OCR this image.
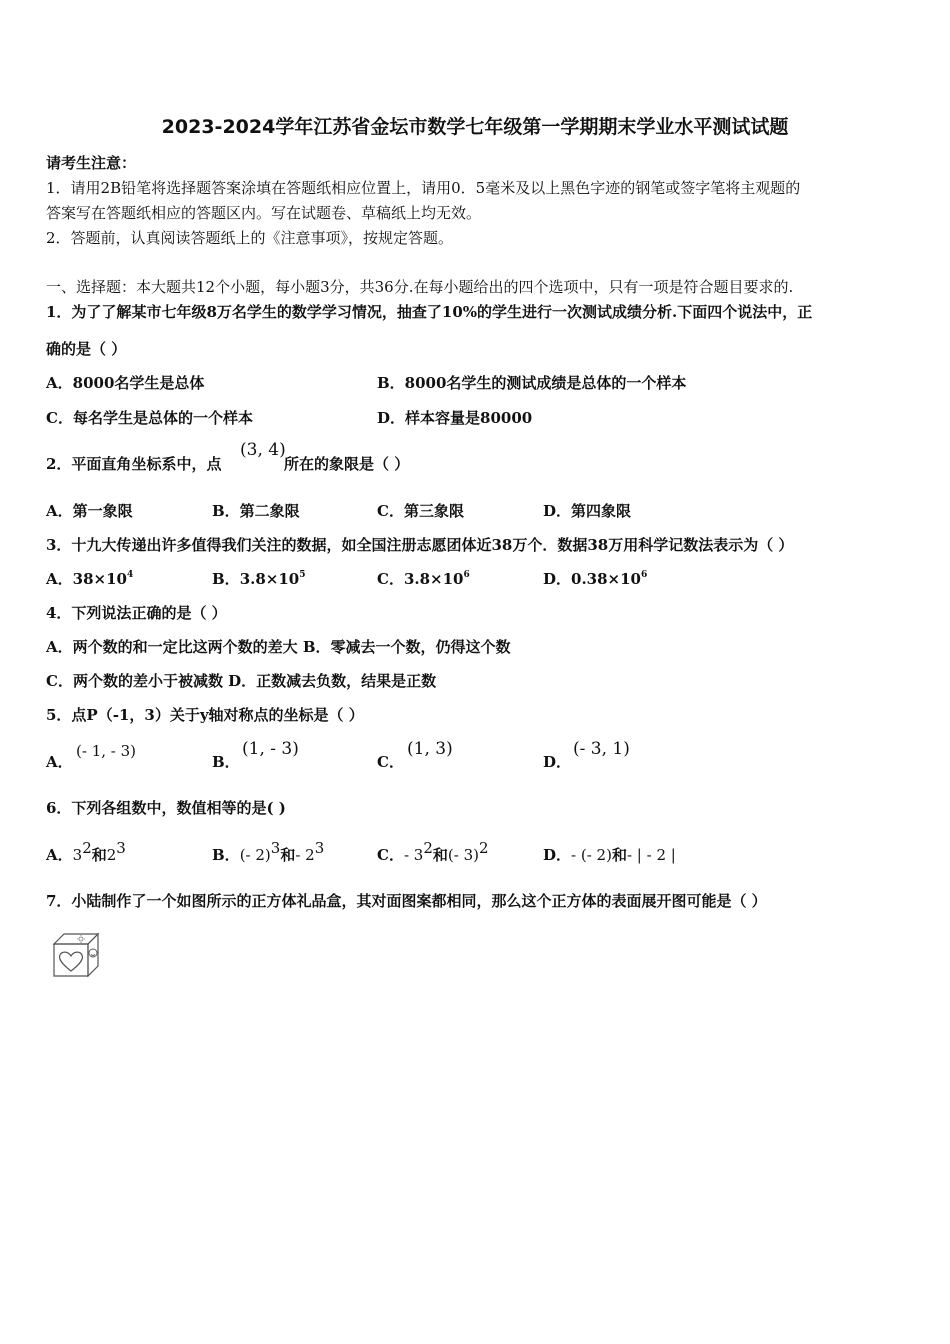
2023-2024学年江苏省金坛市数学七年级第一学期期末学业水平测试试题
请考生注意：
1．请用2B铅笔将选择题答案涂填在答题纸相应位置上，请用0．5毫米及以上黑色字迹的钢笔或签字笔将主观题的
答案写在答题纸相应的答题区内。写在试题卷、草稿纸上均无效。
2．答题前，认真阅读答题纸上的《注意事项》，按规定答题。
一、选择题：本大题共12个小题，每小题3分，共36分.在每小题给出的四个选项中，只有一项是符合题目要求的.
1．为了了解某市七年级8万名学生的数学学习情况，抽查了10%的学生进行一次测试成绩分析.下面四个说法中，正
确的是（ ）
A．8000名学生是总体	B．8000名学生的测试成绩是总体的一个样本
C．每名学生是总体的一个样本	D．样本容量是80000
2．平面直角坐标系中，点
(3, 4)
所在的象限是（ ）
A．第一象限	B．第二象限	C．第三象限	D．第四象限
3．十九大传递出许多值得我们关注的数据，如全国注册志愿团体近38万个．数据38万用科学记数法表示为（ ）
A．$38\times 10^4$	B．$3.8\times 10^5$	C．$3.8\times 10^6$	D．$0.38\times 10^6$
4．下列说法正确的是（ ）
A．两个数的和一定比这两个数的差大 B．零减去一个数，仍得这个数
C．两个数的差小于被减数 D．正数减去负数，结果是正数
5．点P（-1，3）关于y轴对称点的坐标是（ ）
A．
(- 1, - 3)
B．
(1, - 3)
C．
(1, 3)
D．
(- 3, 1)
6．下列各组数中，数值相等的是( )
A．$3^2$和$2^3$	B．(- 2)$^3$和- $2^3$	C．- $3^2$和(- 3)$^2$	D．- (- 2)和- | - 2 |
7．小陆制作了一个如图所示的正方体礼品盒，其对面图案都相同，那么这个正方体的表面展开图可能是（ ）
